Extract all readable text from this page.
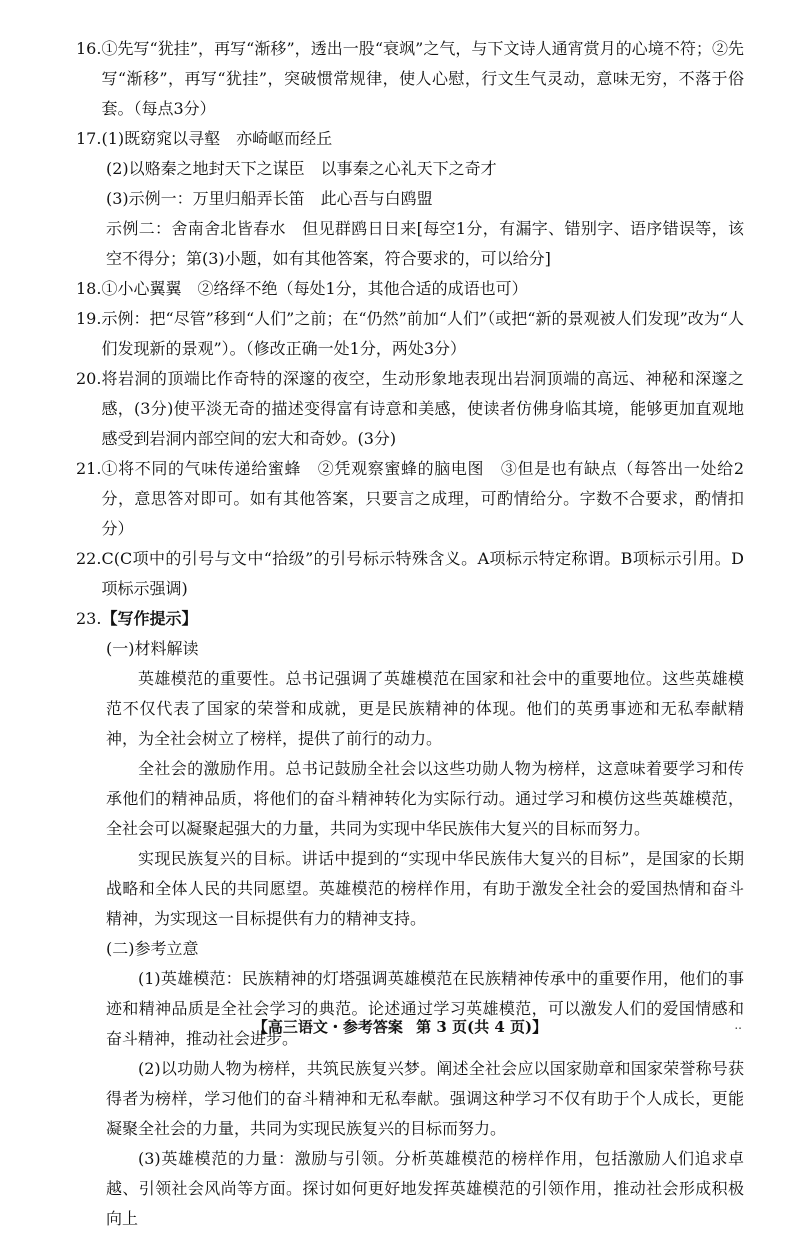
16. ①先写“犹挂”，再写“渐移”，透出一股“衰飒”之气，与下文诗人通宵赏月的心境不符；②先写“渐移”，再写“犹挂”，突破惯常规律，使人心慰，行文生气灵动，意味无穷，不落于俗套。（每点3分）
17. (1)既窈窕以寻壑　亦崎岖而经丘
(2)以赂秦之地封天下之谋臣　以事秦之心礼天下之奇才
(3)示例一：万里归船弄长笛　此心吾与白鸥盟
示例二：舍南舍北皆春水　但见群鸥日日来[每空1分，有漏字、错别字、语序错误等，该空不得分；第(3)小题，如有其他答案，符合要求的，可以给分]
18. ①小心翼翼　②络绎不绝（每处1分，其他合适的成语也可）
19. 示例：把“尽管”移到“人们”之前；在“仍然”前加“人们”（或把“新的景观被人们发现”改为“人们发现新的景观”）。（修改正确一处1分，两处3分）
20. 将岩洞的顶端比作奇特的深邃的夜空，生动形象地表现出岩洞顶端的高远、神秘和深邃之感，(3分)使平淡无奇的描述变得富有诗意和美感，使读者仿佛身临其境，能够更加直观地感受到岩洞内部空间的宏大和奇妙。(3分)
21. ①将不同的气味传递给蜜蜂　②凭观察蜜蜂的脑电图　③但是也有缺点（每答出一处给2分，意思答对即可。如有其他答案，只要言之成理，可酌情给分。字数不合要求，酌情扣分）
22. C(C项中的引号与文中“拾级”的引号标示特殊含义。A项标示特定称谓。B项标示引用。D项标示强调)
23. 【写作提示】
(一)材料解读
英雄模范的重要性。总书记强调了英雄模范在国家和社会中的重要地位。这些英雄模范不仅代表了国家的荣誉和成就，更是民族精神的体现。他们的英勇事迹和无私奉献精神，为全社会树立了榜样，提供了前行的动力。
全社会的激励作用。总书记鼓励全社会以这些功勋人物为榜样，这意味着要学习和传承他们的精神品质，将他们的奋斗精神转化为实际行动。通过学习和模仿这些英雄模范，全社会可以凝聚起强大的力量，共同为实现中华民族伟大复兴的目标而努力。
实现民族复兴的目标。讲话中提到的“实现中华民族伟大复兴的目标”，是国家的长期战略和全体人民的共同愿望。英雄模范的榜样作用，有助于激发全社会的爱国热情和奋斗精神，为实现这一目标提供有力的精神支持。
(二)参考立意
(1)英雄模范：民族精神的灯塔强调英雄模范在民族精神传承中的重要作用，他们的事迹和精神品质是全社会学习的典范。论述通过学习英雄模范，可以激发人们的爱国情感和奋斗精神，推动社会进步。
(2)以功勋人物为榜样，共筑民族复兴梦。阐述全社会应以国家勋章和国家荣誉称号获得者为榜样，学习他们的奋斗精神和无私奉献。强调这种学习不仅有助于个人成长，更能凝聚全社会的力量，共同为实现民族复兴的目标而努力。
(3)英雄模范的力量：激励与引领。分析英雄模范的榜样作用，包括激励人们追求卓越、引领社会风尚等方面。探讨如何更好地发挥英雄模范的引领作用，推动社会形成积极向上
【高三语文・参考答案 第 3 页(共 4 页)】	..
